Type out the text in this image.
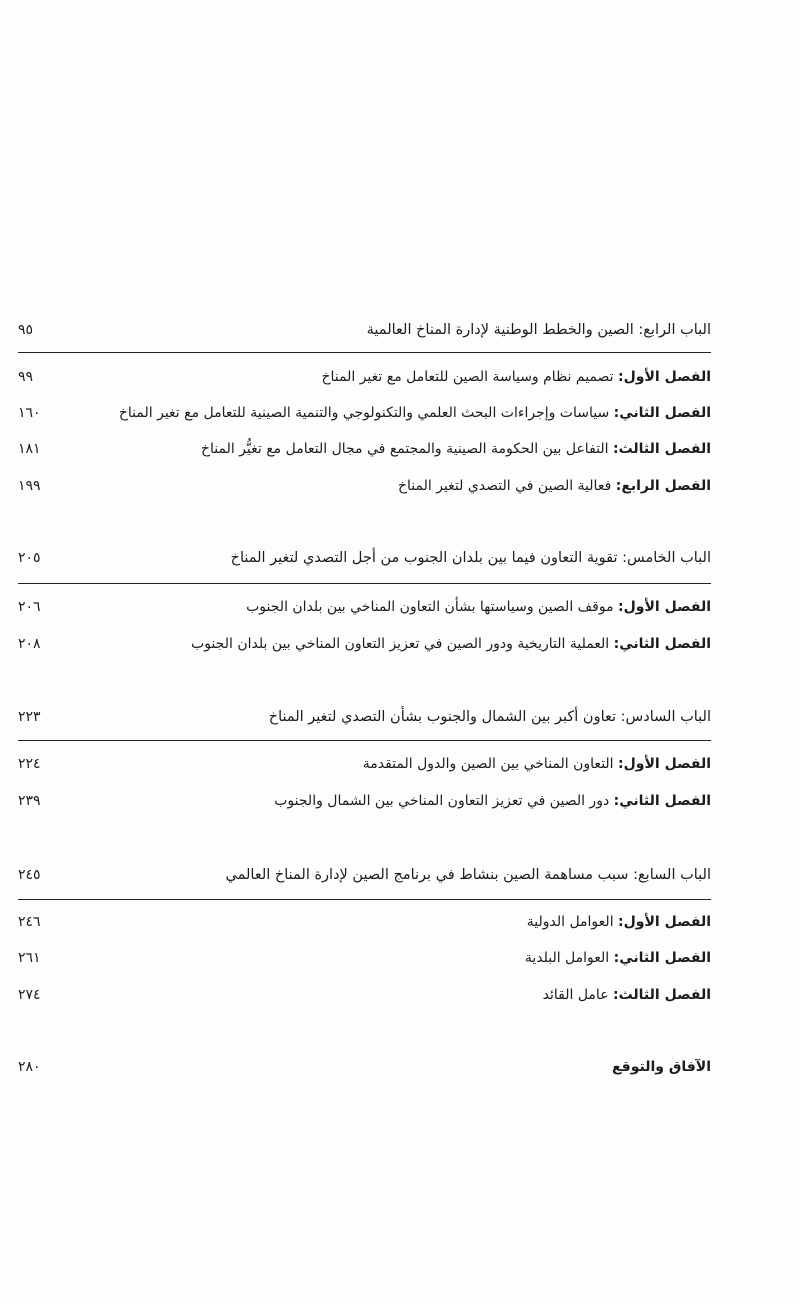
الباب الرابع: الصين والخطط الوطنية لإدارة المناخ العالمية
٩٥
الفصل الأول: تصميم نظام وسياسة الصين للتعامل مع تغير المناخ
٩٩
الفصل الثاني: سياسات وإجراءات البحث العلمي والتكنولوجي والتنمية الصينية للتعامل مع تغير المناخ
١٦٠
الفصل الثالث: التفاعل بين الحكومة الصينية والمجتمع في مجال التعامل مع تغيُّر المناخ
١٨١
الفصل الرابع: فعالية الصين في التصدي لتغير المناخ
١٩٩
الباب الخامس: تقوية التعاون فيما بين بلدان الجنوب من أجل التصدي لتغير المناخ
٢٠٥
الفصل الأول: موقف الصين وسياستها بشأن التعاون المناخي بين بلدان الجنوب
٢٠٦
الفصل الثاني: العملية التاريخية ودور الصين في تعزيز التعاون المناخي بين بلدان الجنوب
٢٠٨
الباب السادس: تعاون أكبر بين الشمال والجنوب بشأن التصدي لتغير المناخ
٢٢٣
الفصل الأول: التعاون المناخي بين الصين والدول المتقدمة
٢٢٤
الفصل الثاني: دور الصين في تعزيز التعاون المناخي بين الشمال والجنوب
٢٣٩
الباب السابع: سبب مساهمة الصين بنشاط في برنامج الصين لإدارة المناخ العالمي
٢٤٥
الفصل الأول: العوامل الدولية
٢٤٦
الفصل الثاني: العوامل البلدية
٢٦١
الفصل الثالث: عامل القائد
٢٧٤
الآفاق والتوقع
٢٨٠
